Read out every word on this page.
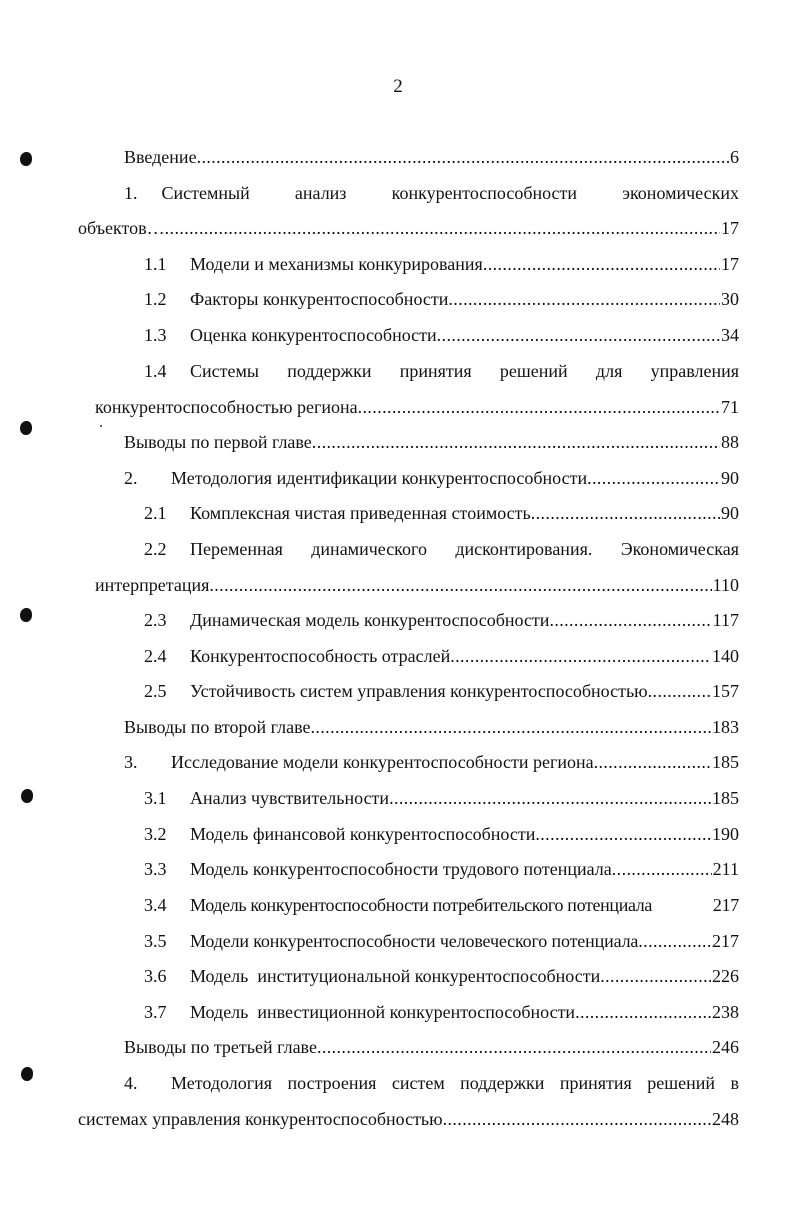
2
Введение .....	6
1. Системный	анализ	конкурентоспособности	экономических
объектов… .....	17
1.1	Модели и механизмы конкурирования .....	17
1.2	Факторы конкурентоспособности .....	30
1.3	Оценка конкурентоспособности .....	34
1.4	Системы поддержки принятия решений для управления
конкурентоспособностью региона .....	71
Выводы по первой главе .....	88
2.	Методология идентификации конкурентоспособности .....	90
2.1	Комплексная чистая приведенная стоимость .....	90
2.2	Переменная динамического дисконтирования. Экономическая
интерпретация .....	110
2.3	Динамическая модель конкурентоспособности .....	117
2.4	Конкурентоспособность отраслей .....	140
2.5	Устойчивость систем управления конкурентоспособностью .....	157
Выводы по второй главе .....	183
3.	Исследование модели конкурентоспособности региона .....	185
3.1	Анализ чувствительности .....	185
3.2	Модель финансовой конкурентоспособности .....	190
3.3	Модель конкурентоспособности трудового потенциала .....	211
3.4	Модель конкурентоспособности потребительского потенциала	217
3.5	Модели конкурентоспособности человеческого потенциала .....	217
3.6	Модель  институциональной конкурентоспособности .....	226
3.7	Модель  инвестиционной конкурентоспособности .....	238
Выводы по третьей главе .....	246
4.	Методология построения систем поддержки принятия решений в
системах управления конкурентоспособностью .....	248
